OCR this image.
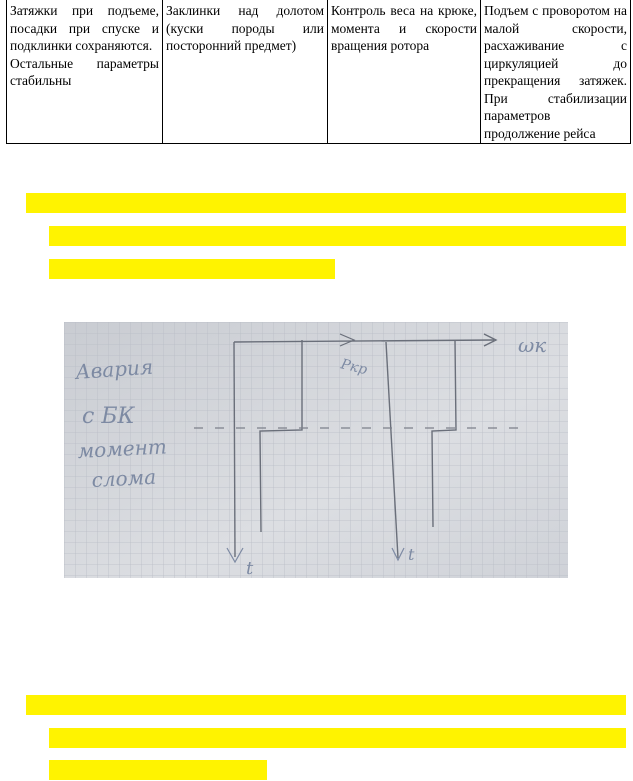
Затяжки при подъеме, посадки при спуске и подклинки сохраняются.
Остальные параметры стабильны

Заклинки над долотом (куски породы или посторонний предмет)

Контроль веса на крюке, момента и скорости вращения ротора

Подъем с проворотом на малой скорости, расхаживание с циркуляцией до прекращения затяжек. При стабилизации параметров продолжение рейса
Авария
с БК
момент
слома
Pкр
ωк
t
t
